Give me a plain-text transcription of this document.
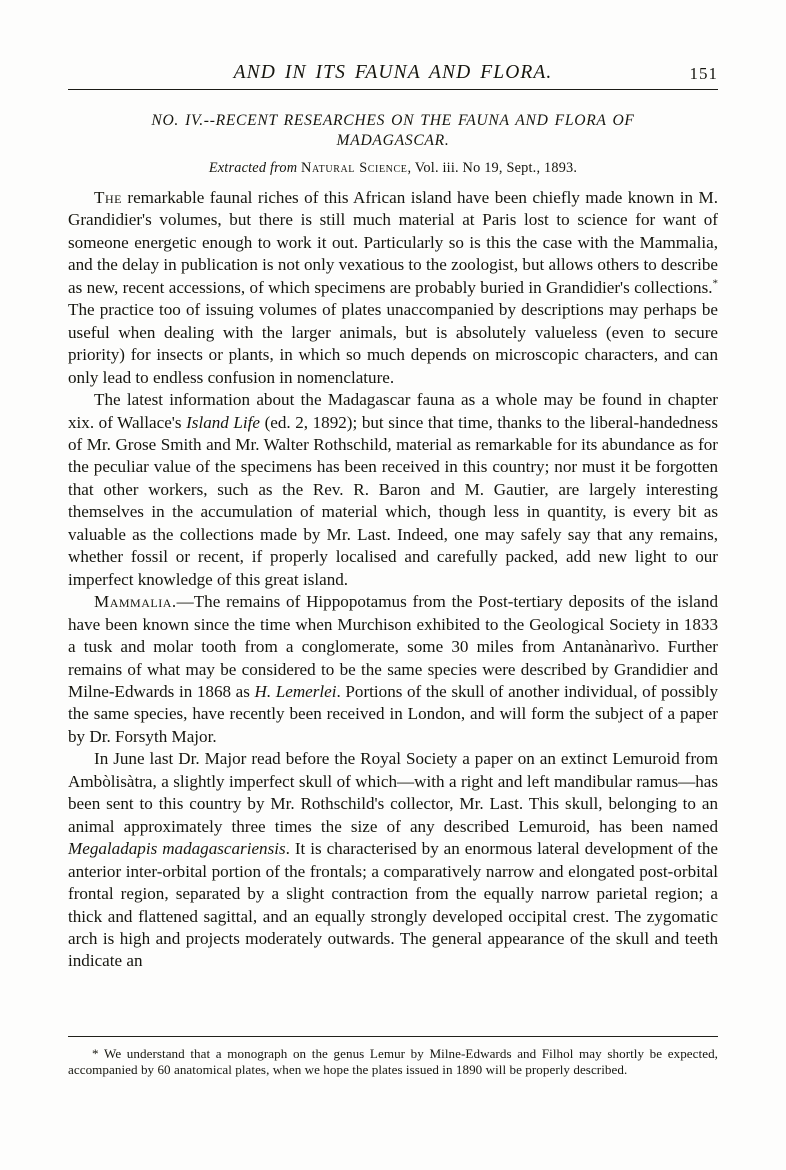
AND IN ITS FAUNA AND FLORA.	151
NO. IV.--RECENT RESEARCHES ON THE FAUNA AND FLORA OF
MADAGASCAR.
Extracted from Natural Science, Vol. iii. No 19, Sept., 1893.

The remarkable faunal riches of this African island have been chiefly made known in M. Grandidier's volumes, but there is still much material at Paris lost to science for want of someone energetic enough to work it out. Particularly so is this the case with the Mammalia, and the delay in publication is not only vexatious to the zoologist, but allows others to describe as new, recent accessions, of which specimens are probably buried in Grandidier's collections.* The practice too of issuing volumes of plates unaccompanied by descriptions may perhaps be useful when dealing with the larger animals, but is absolutely valueless (even to secure priority) for insects or plants, in which so much depends on microscopic characters, and can only lead to endless confusion in nomenclature.

The latest information about the Madagascar fauna as a whole may be found in chapter xix. of Wallace's Island Life (ed. 2, 1892); but since that time, thanks to the liberal-handedness of Mr. Grose Smith and Mr. Walter Rothschild, material as remarkable for its abundance as for the peculiar value of the specimens has been received in this country; nor must it be forgotten that other workers, such as the Rev. R. Baron and M. Gautier, are largely interesting themselves in the accumulation of material which, though less in quantity, is every bit as valuable as the collections made by Mr. Last. Indeed, one may safely say that any remains, whether fossil or recent, if properly localised and carefully packed, add new light to our imperfect knowledge of this great island.

Mammalia.—The remains of Hippopotamus from the Post-tertiary deposits of the island have been known since the time when Murchison exhibited to the Geological Society in 1833 a tusk and molar tooth from a conglomerate, some 30 miles from Antanànarìvo. Further remains of what may be considered to be the same species were described by Grandidier and Milne-Edwards in 1868 as H. Lemerlei. Portions of the skull of another individual, of possibly the same species, have recently been received in London, and will form the subject of a paper by Dr. Forsyth Major.

In June last Dr. Major read before the Royal Society a paper on an extinct Lemuroid from Ambòlisàtra, a slightly imperfect skull of which—with a right and left mandibular ramus—has been sent to this country by Mr. Rothschild's collector, Mr. Last. This skull, belonging to an animal approximately three times the size of any described Lemuroid, has been named Megaladapis madagascariensis. It is characterised by an enormous lateral development of the anterior inter-orbital portion of the frontals; a comparatively narrow and elongated post-orbital frontal region, separated by a slight contraction from the equally narrow parietal region; a thick and flattened sagittal, and an equally strongly developed occipital crest. The zygomatic arch is high and projects moderately outwards. The general appearance of the skull and teeth indicate an

* We understand that a monograph on the genus Lemur by Milne-Edwards and Filhol may shortly be expected, accompanied by 60 anatomical plates, when we hope the plates issued in 1890 will be properly described.
